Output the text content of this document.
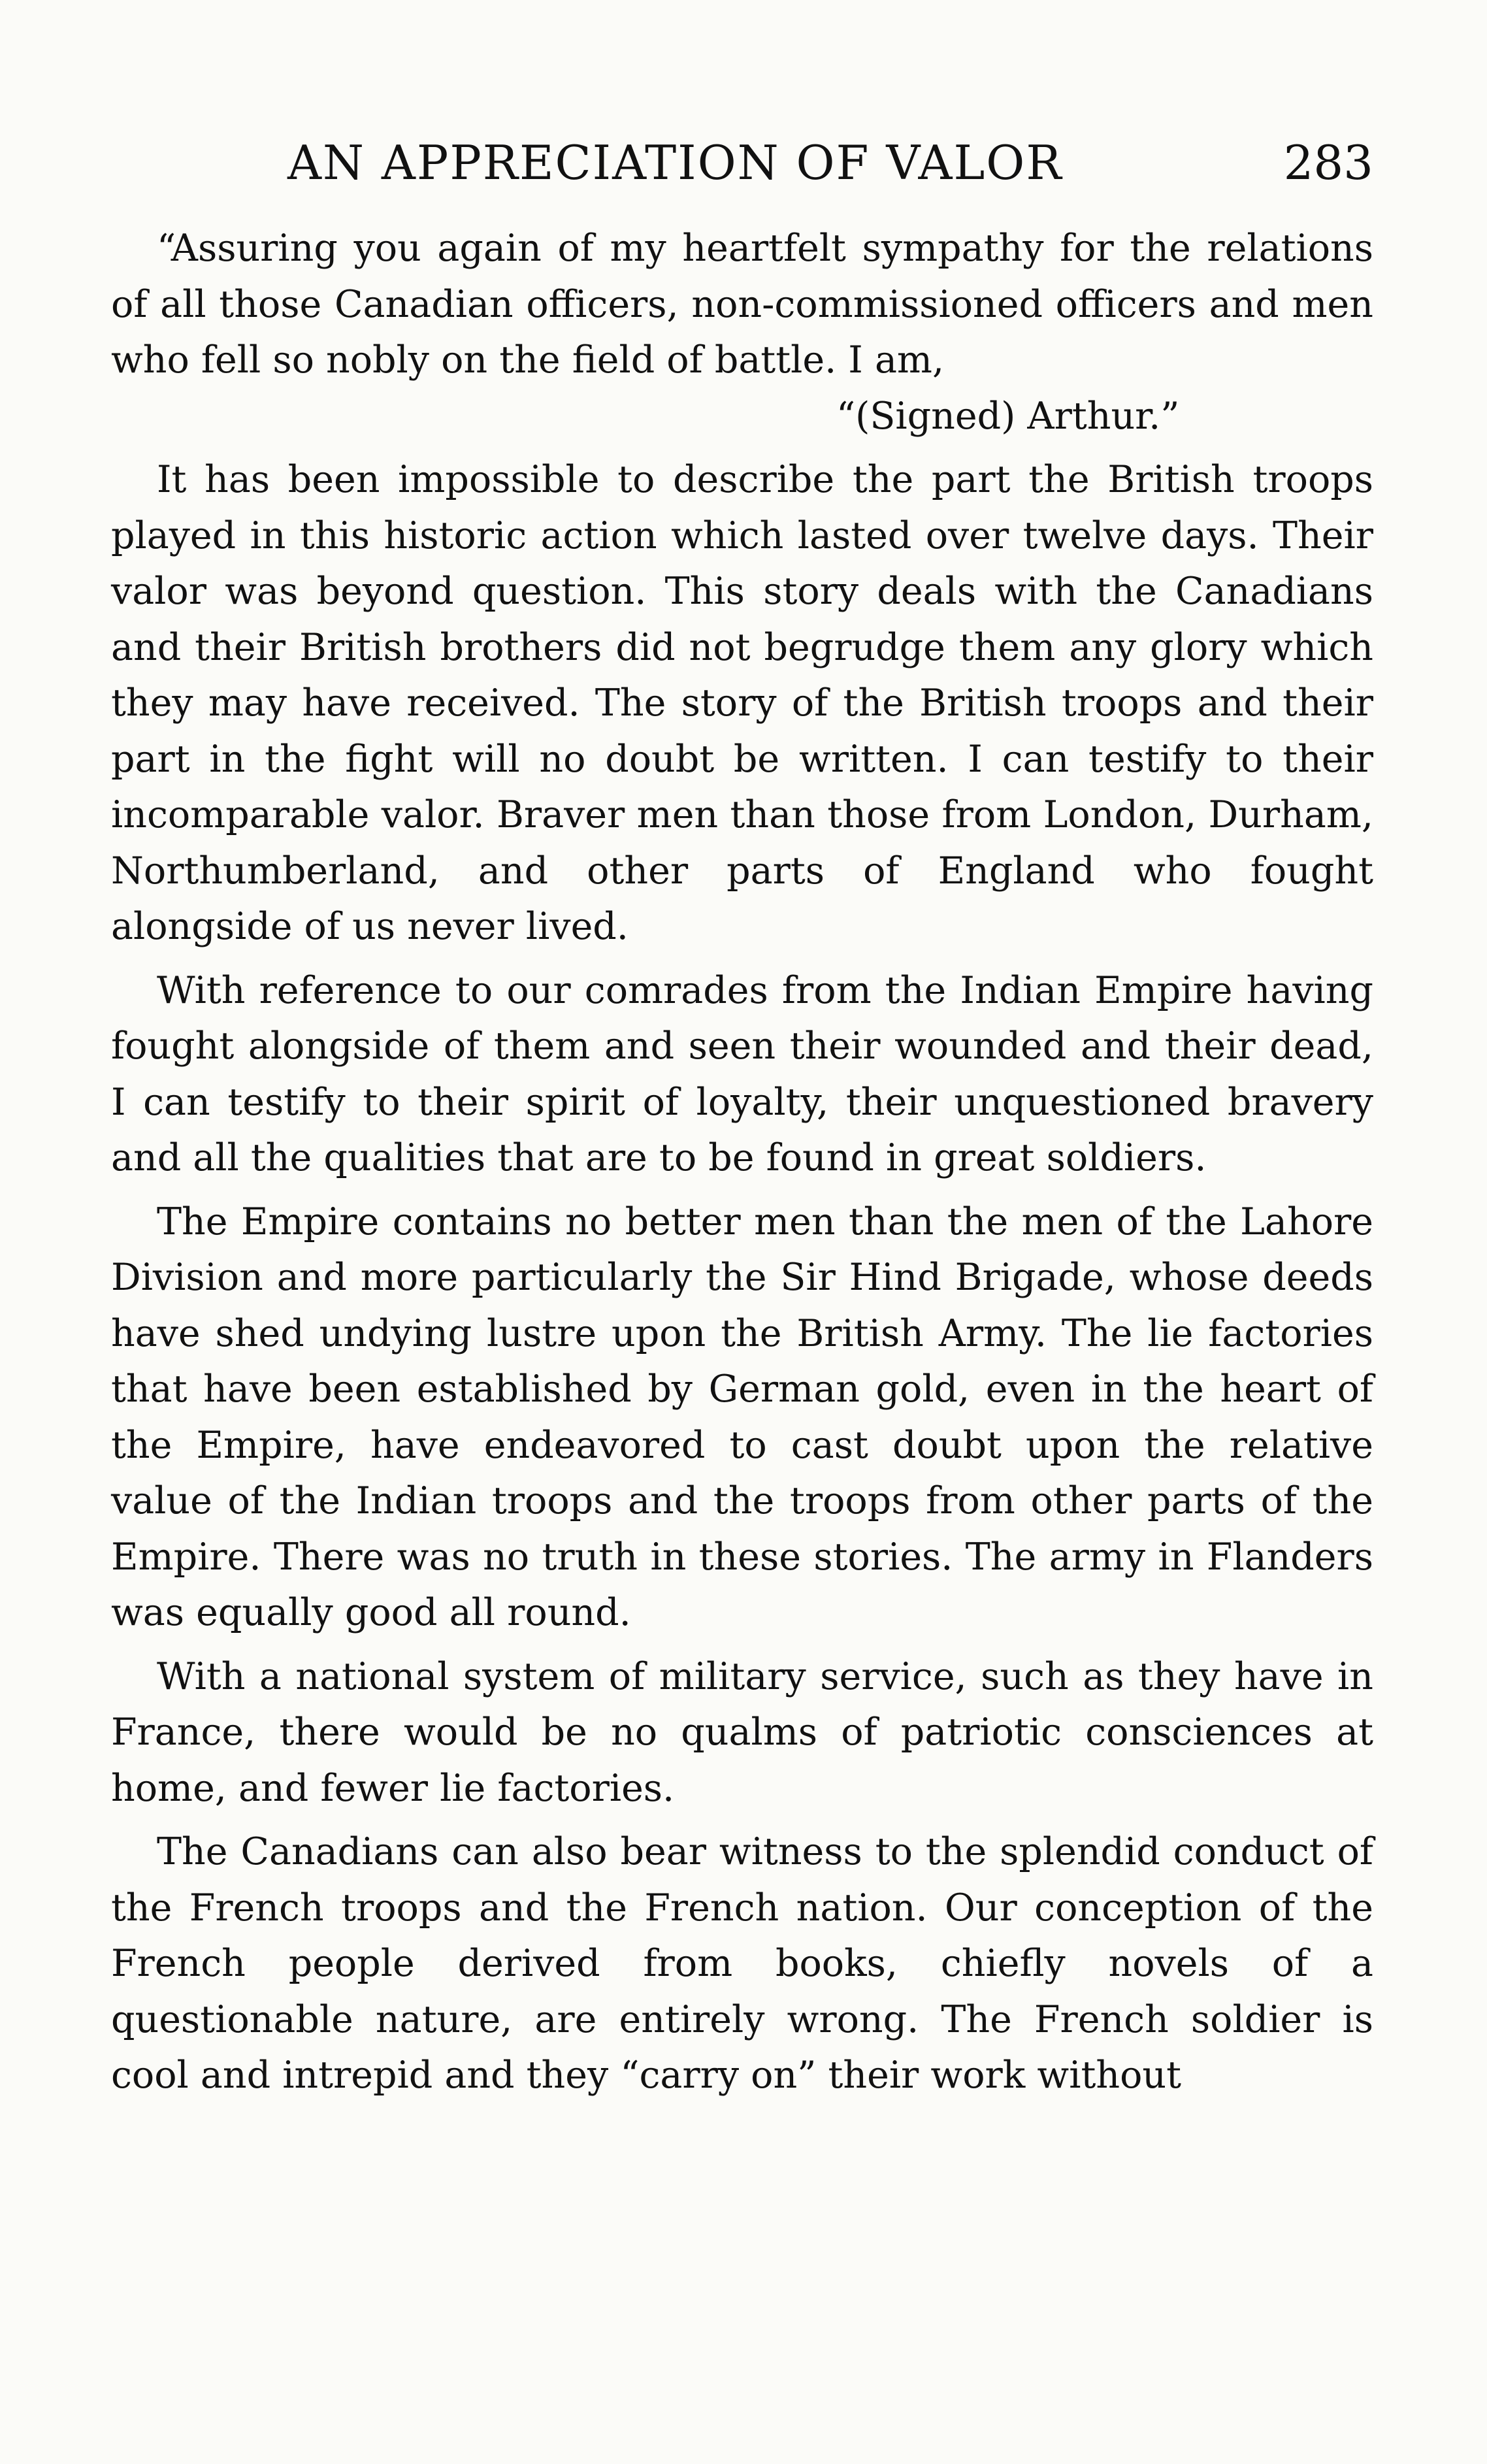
AN APPRECIATION OF VALOR	283

“Assuring you again of my heartfelt sympathy for the relations of all those Canadian officers, non-commissioned officers and men who fell so nobly on the field of battle. I am,

“(Signed) Arthur.”

It has been impossible to describe the part the British troops played in this historic action which lasted over twelve days. Their valor was beyond question. This story deals with the Canadians and their British brothers did not begrudge them any glory which they may have received. The story of the British troops and their part in the fight will no doubt be written. I can testify to their incomparable valor. Braver men than those from London, Durham, Northumberland, and other parts of England who fought alongside of us never lived.

With reference to our comrades from the Indian Empire having fought alongside of them and seen their wounded and their dead, I can testify to their spirit of loyalty, their unquestioned bravery and all the qualities that are to be found in great soldiers.

The Empire contains no better men than the men of the Lahore Division and more particularly the Sir Hind Brigade, whose deeds have shed undying lustre upon the British Army. The lie factories that have been established by German gold, even in the heart of the Empire, have endeavored to cast doubt upon the relative value of the Indian troops and the troops from other parts of the Empire. There was no truth in these stories. The army in Flanders was equally good all round.

With a national system of military service, such as they have in France, there would be no qualms of patriotic consciences at home, and fewer lie factories.

The Canadians can also bear witness to the splendid conduct of the French troops and the French nation. Our conception of the French people derived from books, chiefly novels of a questionable nature, are entirely wrong. The French soldier is cool and intrepid and they “carry on” their work without
